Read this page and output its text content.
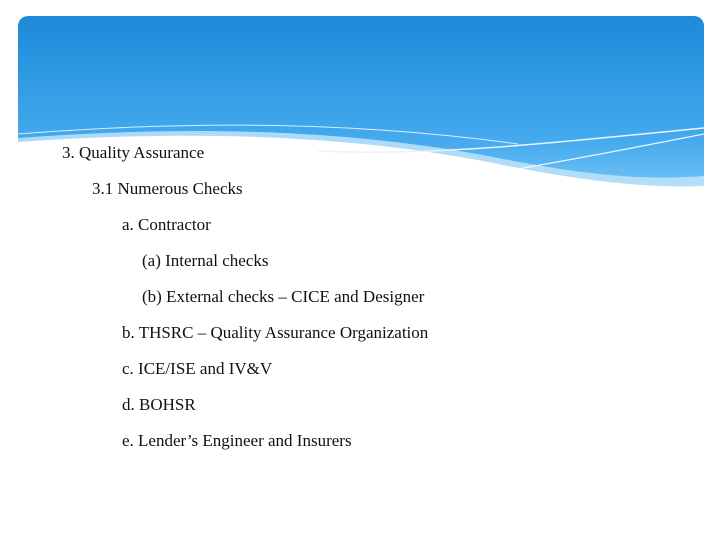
3. Quality Assurance
3.1 Numerous Checks
a. Contractor
(a) Internal checks
(b) External checks – CICE and Designer
b. THSRC – Quality Assurance Organization
c. ICE/ISE and IV&V
d. BOHSR
e. Lender’s Engineer and Insurers
